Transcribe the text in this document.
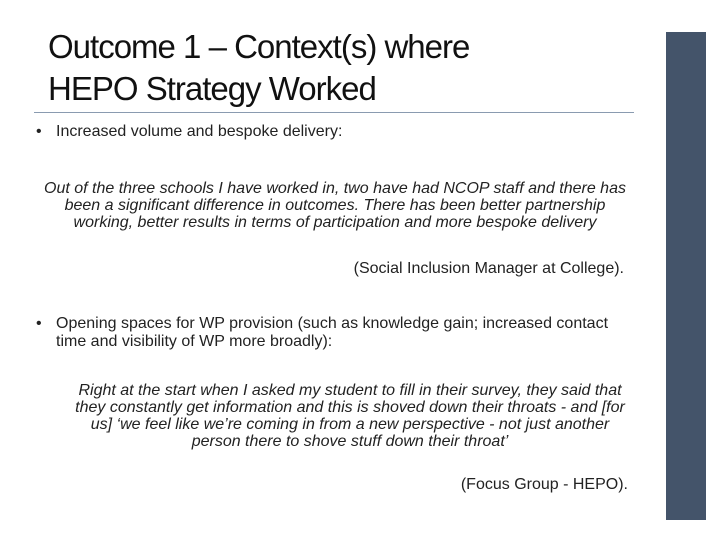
Outcome 1 – Context(s) where
HEPO Strategy Worked
• Increased volume and bespoke delivery:
Out of the three schools I have worked in, two have had NCOP staff and there has been a significant difference in outcomes. There has been better partnership working, better results in terms of participation and more bespoke delivery
(Social Inclusion Manager at College).
• Opening spaces for WP provision (such as knowledge gain; increased contact time and visibility of WP more broadly):
Right at the start when I asked my student to fill in their survey, they said that they constantly get information and this is shoved down their throats - and [for us] ‘we feel like we’re coming in from a new perspective - not just another person there to shove stuff down their throat’
(Focus Group - HEPO).
